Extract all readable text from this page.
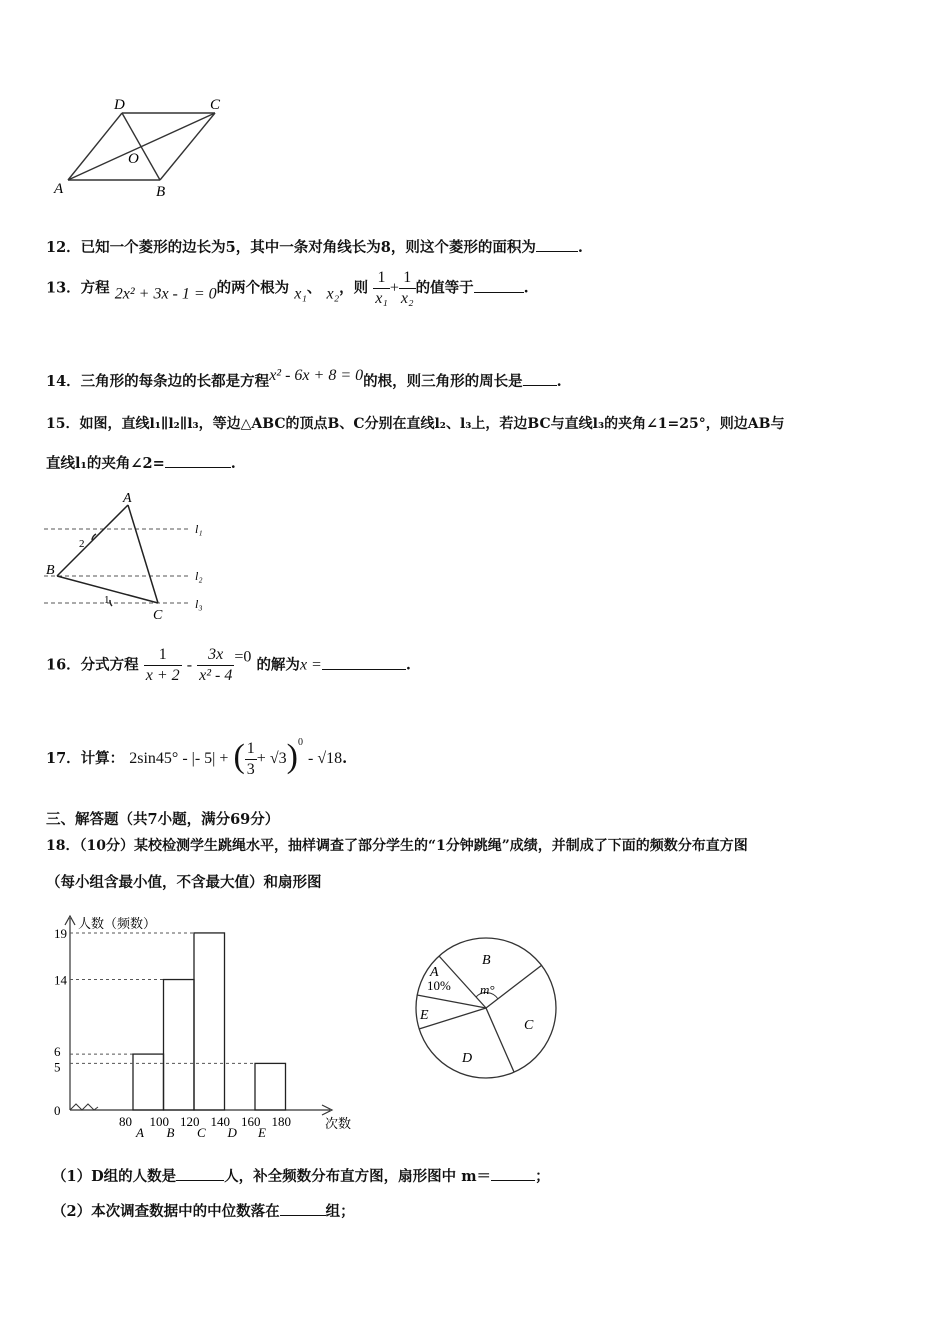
D	C
O
A	B
12．已知一个菱形的边长为5，其中一条对角线长为8，则这个菱形的面积为	.
13．方程 2x² + 3x - 1 = 0的两个根为 x₁、 x₂，则 $\frac{1}{\text{x₁}} + \frac{1}{\text{x₂}}$ 的值等于	.
14．三角形的每条边的长都是方程x² - 6x + 8 = 0的根，则三角形的周长是 .
15．如图，直线l₁∥l₂∥l₃，等边△ABC的顶点B、C分别在直线l₂、l₃上，若边BC与直线l₃的夹角∠1=25°，则边AB与
直线l₁的夹角∠2=	.
A
B
C
2
1
l₁
l₂
l₃
16．分式方程 $\frac{1}{x + 2} - \frac{3x}{\text{x² - 4}} =0$ 的解为x =	.
17．计算： 2sin45° - |- 5| + ( $\frac{1}{3} + √3)^0 - √18$.
三、解答题（共7小题，满分69分）
18．（10分）某校检测学生跳绳水平，抽样调查了部分学生的“1分钟跳绳”成绩，并制成了下面的频数分布直方图
（每小组含最小值，不含最大值）和扇形图
人数（频数）
次数
0
5
6
14
19
80 100 120 140 160 180
A B C D E
A
10%
B
m°
C
D
E
（1）D组的人数是	人，补全频数分布直方图，扇形图中 m＝	；
（2）本次调查数据中的中位数落在	组；
